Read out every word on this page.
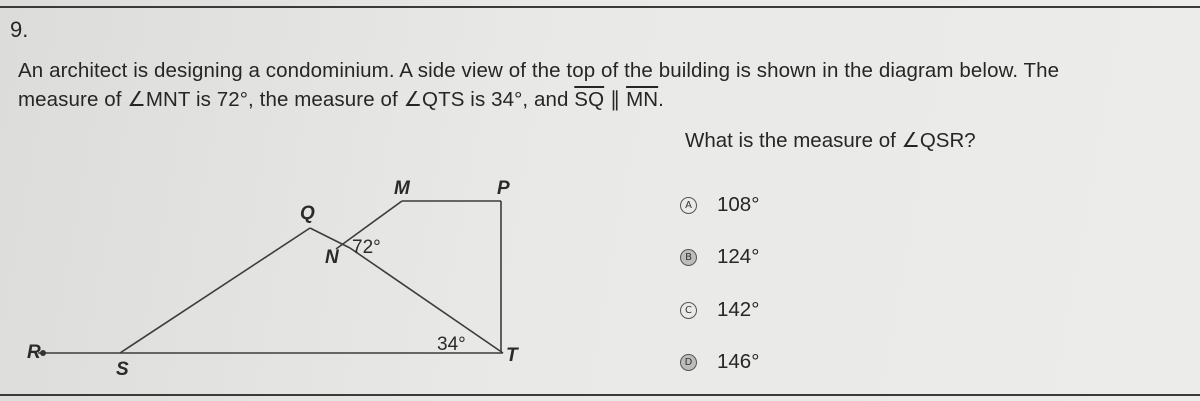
9.
An architect is designing a condominium. A side view of the top of the building is shown in the diagram below. The
measure of ∠MNT is 72°, the measure of ∠QTS is 34°, and $\overline{SQ}$ ∥ $\overline{MN}$.
What is the measure of ∠QSR?
Q
M	P
N 72°
R
S
34°
T
A 108°
B 124°
C 142°
D 146°
